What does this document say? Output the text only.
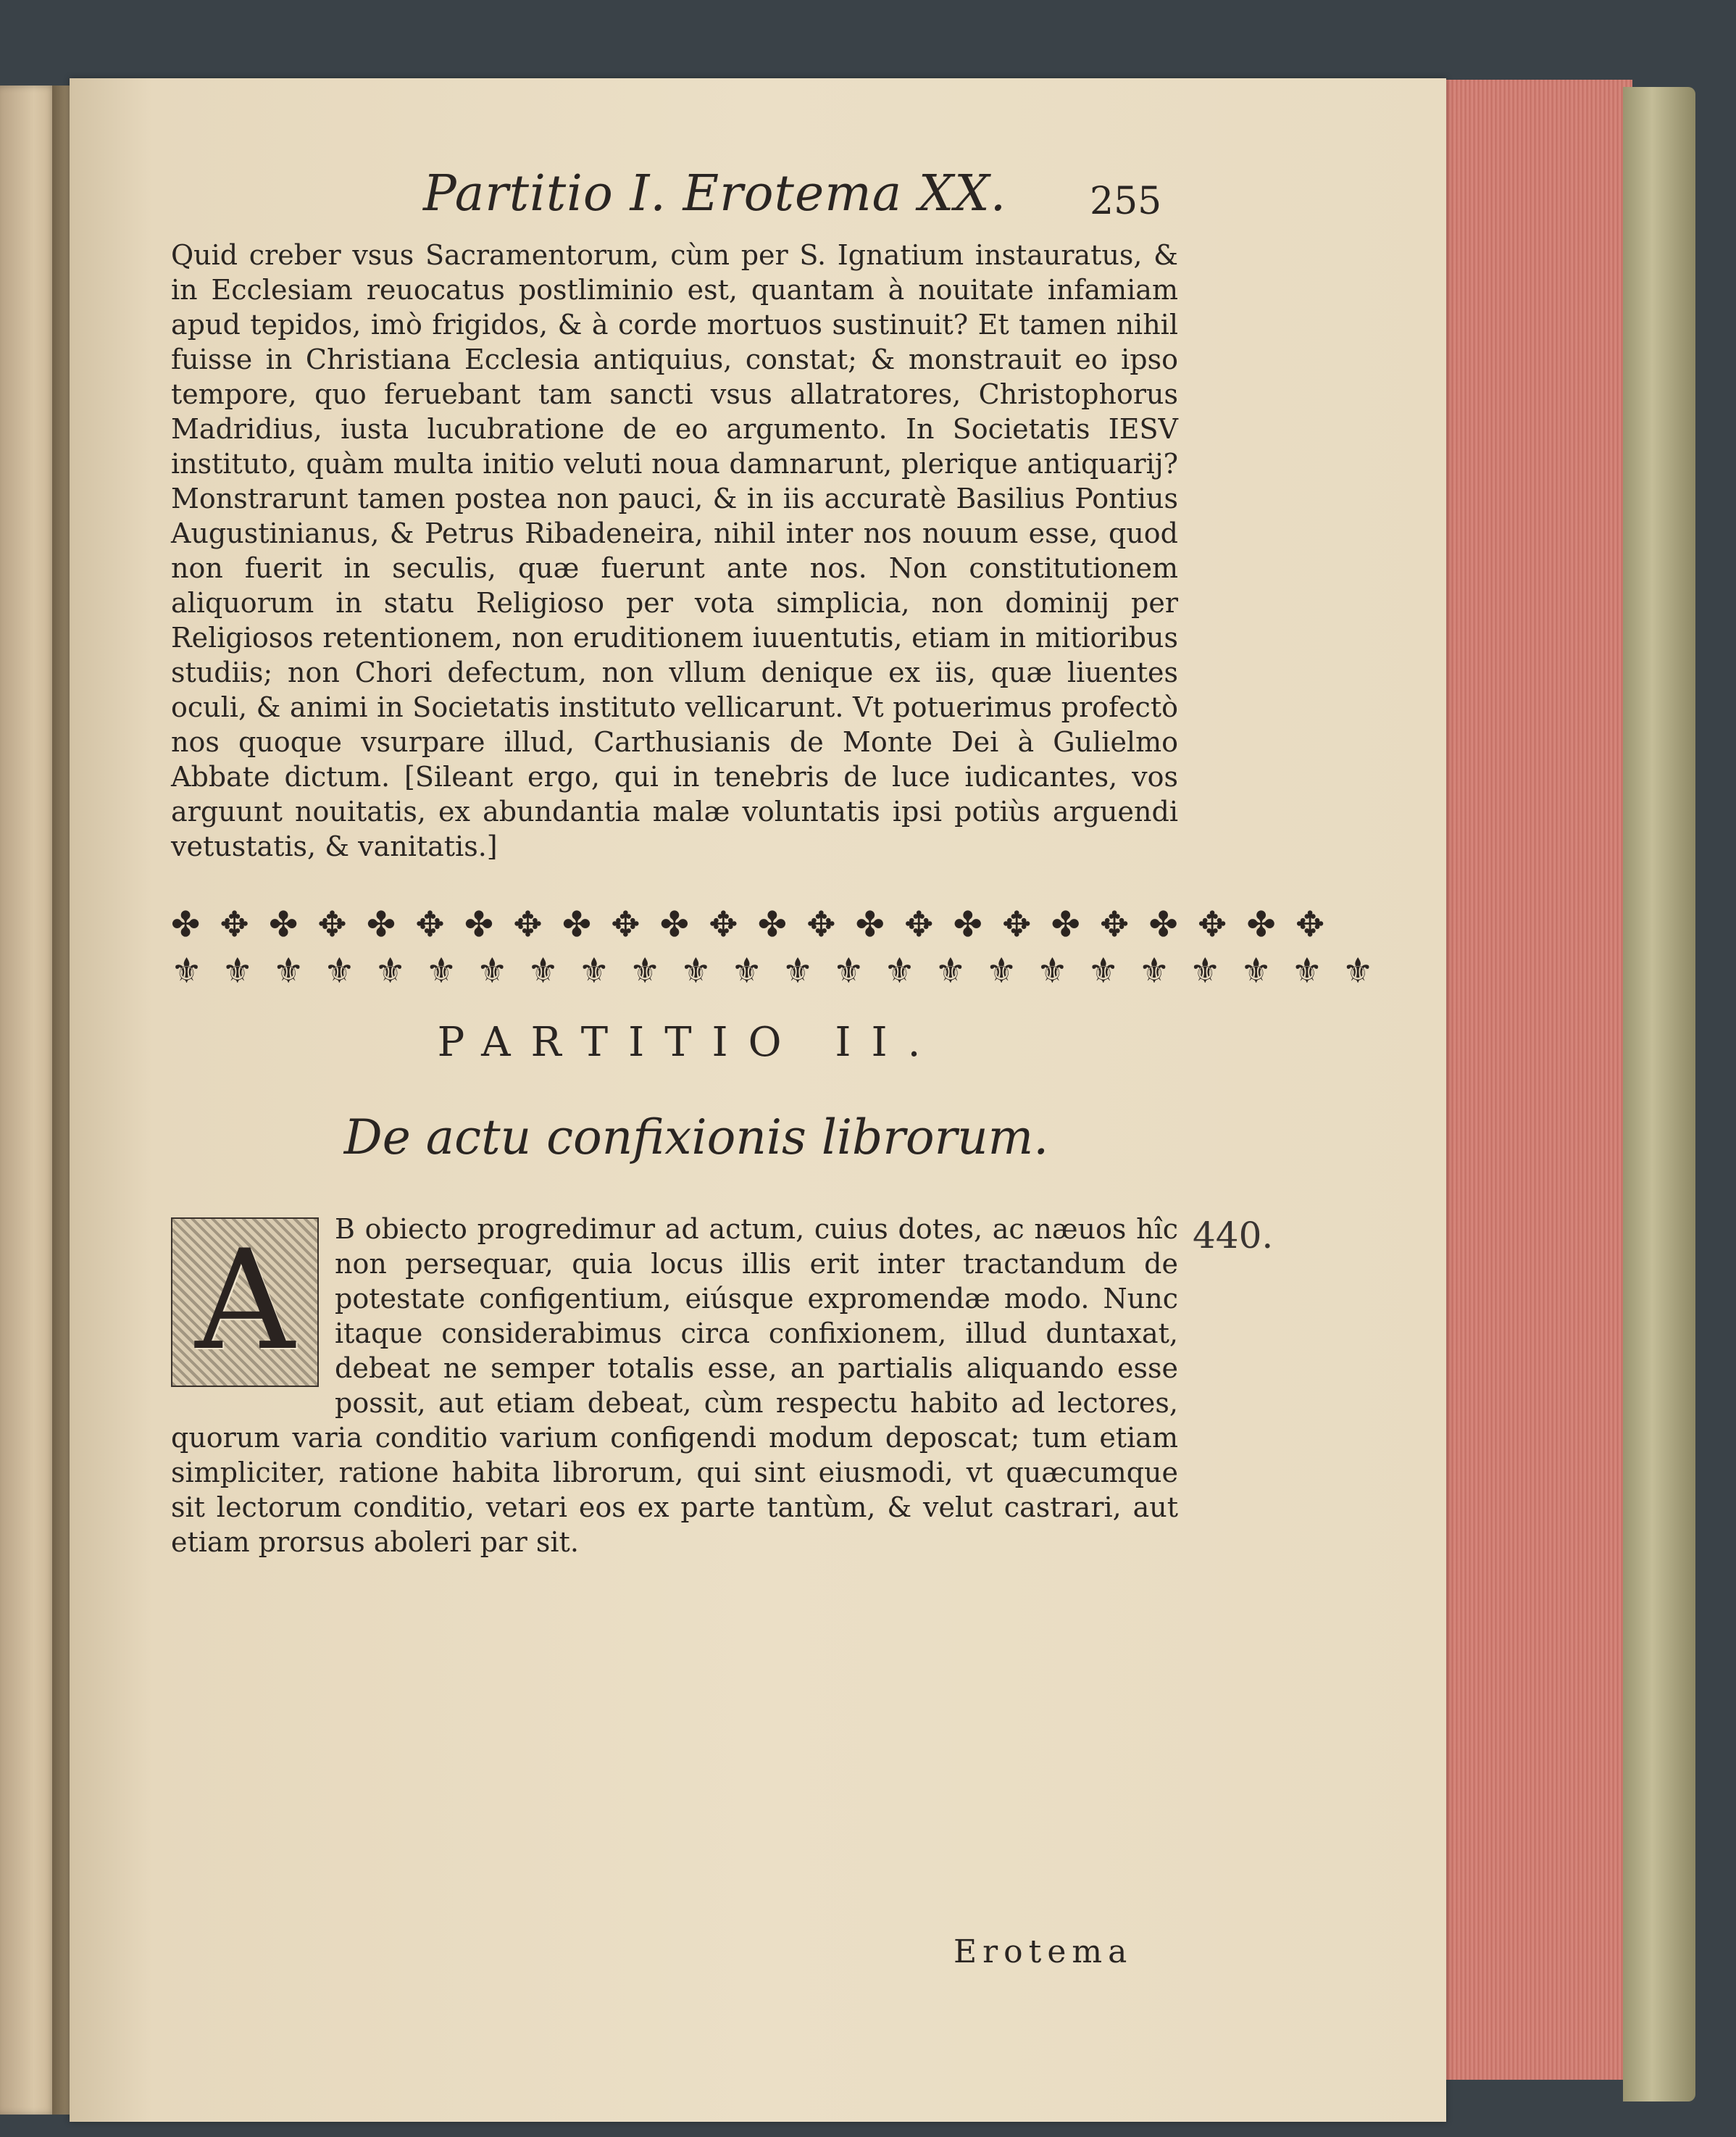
Partitio I. Erotema XX. 255

Quid creber vsus Sacramentorum, cùm per S. Ignatium instauratus, & in Ecclesiam reuocatus postliminio est, quantam à nouitate infamiam apud tepidos, imò frigidos, & à corde mortuos sustinuit? Et tamen nihil fuisse in Christiana Ecclesia antiquius, constat; & monstrauit eo ipso tempore, quo feruebant tam sancti vsus allatratores, Christophorus Madridius, iusta lucubratione de eo argumento. In Societatis IESV instituto, quàm multa initio veluti noua damnarunt, plerique antiquarij? Monstrarunt tamen postea non pauci, & in iis accuratè Basilius Pontius Augustinianus, & Petrus Ribadeneira, nihil inter nos nouum esse, quod non fuerit in seculis, quæ fuerunt ante nos. Non constitutionem aliquorum in statu Religioso per vota simplicia, non dominij per Religiosos retentionem, non eruditionem iuuentutis, etiam in mitioribus studiis; non Chori defectum, non vllum denique ex iis, quæ liuentes oculi, & animi in Societatis instituto vellicarunt. Vt potuerimus profectò nos quoque vsurpare illud, Carthusianis de Monte Dei à Gulielmo Abbate dictum. [Sileant ergo, qui in tenebris de luce iudicantes, vos arguunt nouitatis, ex abundantia malæ voluntatis ipsi potiùs arguendi vetustatis, & vanitatis.]

✤ ✥ ✤ ✥ ✤ ✥ ✤ ✥ ✤ ✥ ✤ ✥ ✤ ✥ ✤ ✥ ✤ ✥ ✤ ✥ ✤ ✥ ✤ ✥
⚜ ⚜ ⚜ ⚜ ⚜ ⚜ ⚜ ⚜ ⚜ ⚜ ⚜ ⚜ ⚜ ⚜ ⚜ ⚜ ⚜ ⚜ ⚜ ⚜ ⚜ ⚜ ⚜ ⚜
PARTITIO II.
De actu confixionis librorum.
A	B obiecto progredimur ad actum, cuius dotes, ac næuos hîc non persequar, quia locus illis erit inter tractandum de potestate configentium, eiúsque expromendæ modo. Nunc itaque considerabimus circa confixionem, illud duntaxat, debeat ne semper totalis esse, an partialis aliquando esse possit, aut etiam debeat, cùm respectu habito ad lectores, quorum varia conditio varium configendi modum deposcat; tum etiam simpliciter, ratione habita librorum, qui sint eiusmodi, vt quæcumque sit lectorum conditio, vetari eos ex parte tantùm, & velut castrari, aut etiam prorsus aboleri par sit.

440.
Erotema
